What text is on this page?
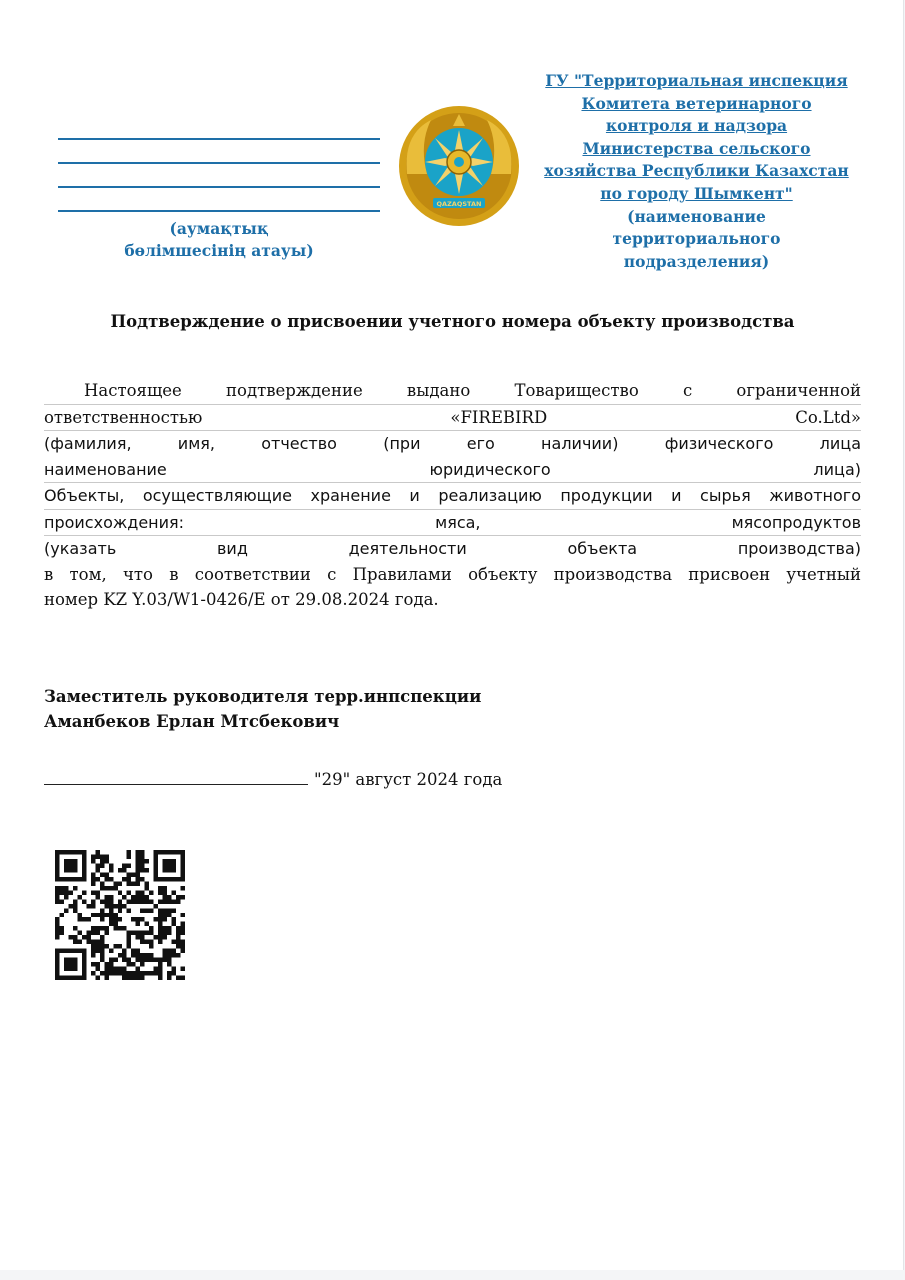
(аумақтық
бөлімшесінің атауы)
QAZAQSTAN
ГУ "Территориальная инспекция
Комитета ветеринарного
контроля и надзора
Министерства сельского
хозяйства Республики Казахстан
по городу Шымкент"
(наименование
территориального
подразделения)
Подтверждение о присвоении учетного номера объекту производства
Настоящее подтверждение выдано Товарищество с ограниченной
ответственностью «FIREBIRD Co.Ltd»
(фамилия, имя, отчество (при его наличии) физического лица
наименование юридического лица)
Объекты, осуществляющие хранение и реализацию продукции и сырья животного
происхождения: мяса, мясопродуктов
(указать вид деятельности объекта производства)
в том, что в соответствии с Правилами объекту производства присвоен учетный
номер KZ Y.03/W1-0426/E от 29.08.2024 года.
Заместитель руководителя терр.инпспекции
Аманбеков Ерлан Мтсбекович
"29" август 2024 года
